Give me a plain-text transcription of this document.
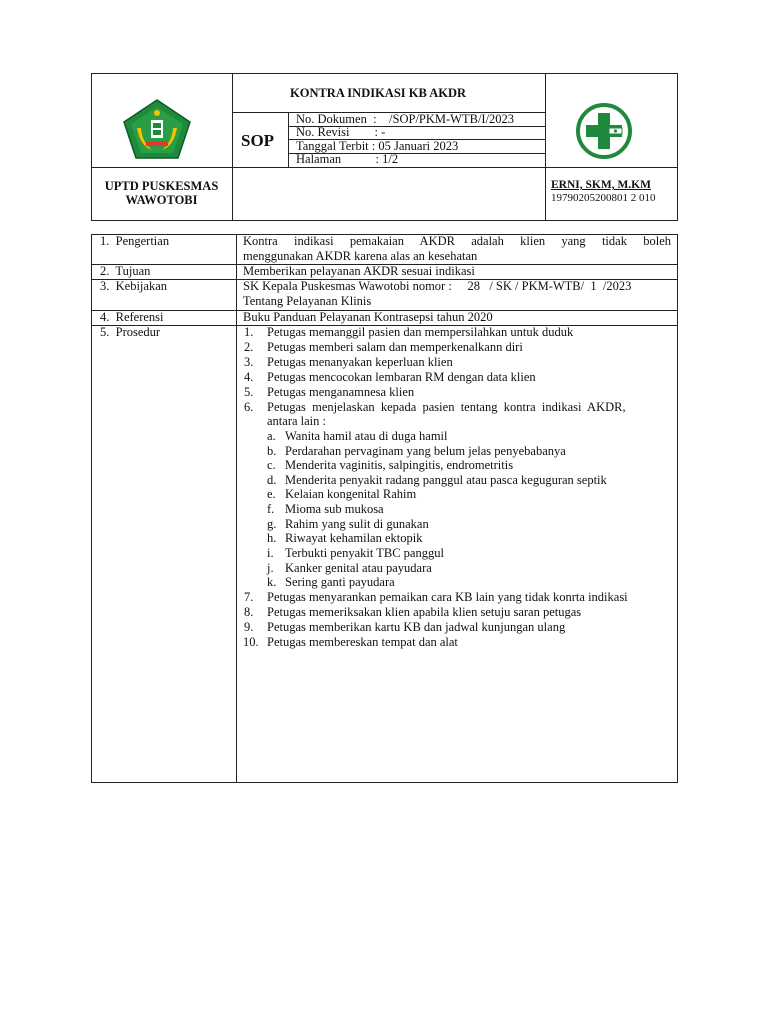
KONTRA INDIKASI KB AKDR
SOP
No. Dokumen  :    /SOP/PKM-WTB/I/2023
No. Revisi        : -
Tanggal Terbit : 05 Januari 2023
Halaman           : 1/2
UPTD PUSKESMAS
WAWOTOBI
ERNI, SKM, M.KM
19790205200801 2 010
1.  Pengertian	Kontra  indikasi  pemakaian  AKDR  adalah  klien  yang  tidak  boleh
menggunakan AKDR karena alas an kesehatan
2.  Tujuan	Memberikan pelayanan AKDR sesuai indikasi
3.  Kebijakan	SK Kepala Puskesmas Wawotobi nomor :     28   / SK / PKM-WTB/  1  /2023
Tentang Pelayanan Klinis
4.  Referensi	Buku Panduan Pelayanan Kontrasepsi tahun 2020
5.  Prosedur	1. Petugas memanggil pasien dan mempersilahkan untuk duduk
2. Petugas memberi salam dan memperkenalkann diri
3. Petugas menanyakan keperluan klien
4. Petugas mencocokan lembaran RM dengan data klien
5. Petugas menganamnesa klien
6. Petugas  menjelaskan  kepada  pasien  tentang  kontra  indikasi  AKDR,
antara lain :
a. Wanita hamil atau di duga hamil
b. Perdarahan pervaginam yang belum jelas penyebabanya
c. Menderita vaginitis, salpingitis, endrometritis
d. Menderita penyakit radang panggul atau pasca keguguran septik
e. Kelaian kongenital Rahim
f. Mioma sub mukosa
g. Rahim yang sulit di gunakan
h. Riwayat kehamilan ektopik
i. Terbukti penyakit TBC panggul
j. Kanker genital atau payudara
k. Sering ganti payudara
7. Petugas menyarankan pemaikan cara KB lain yang tidak konrta indikasi
8. Petugas memeriksakan klien apabila klien setuju saran petugas
9. Petugas memberikan kartu KB dan jadwal kunjungan ulang
10. Petugas membereskan tempat dan alat
